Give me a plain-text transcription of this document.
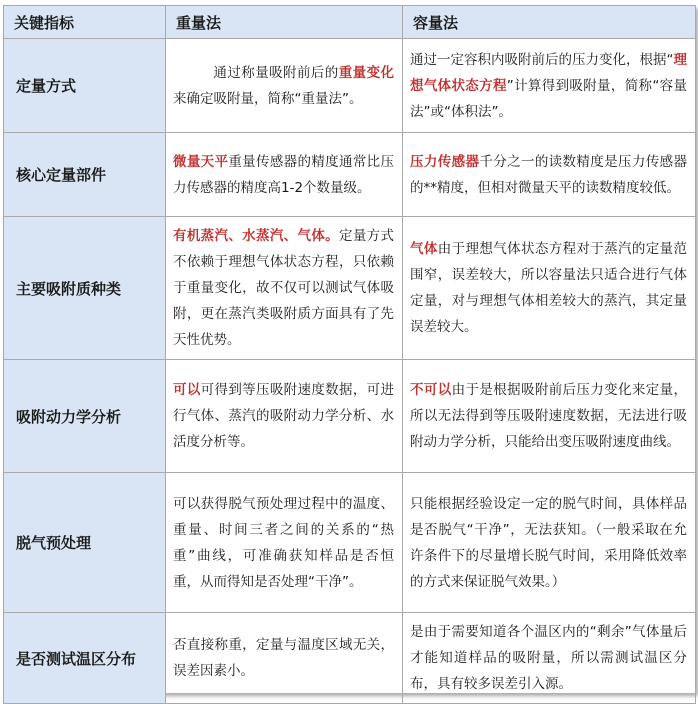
关键指标	重量法	容量法
定量方式	通过称量吸附前后的重量变化来确定吸附量，简称“重量法”。	通过一定容积内吸附前后的压力变化，根据“理想气体状态方程”计算得到吸附量，简称“容量法”或“体积法”。
核心定量部件	微量天平重量传感器的精度通常比压力传感器的精度高1-2个数量级。	压力传感器千分之一的读数精度是压力传感器的**精度，但相对微量天平的读数精度较低。
主要吸附质种类	有机蒸汽、水蒸汽、气体。定量方式不依赖于理想气体状态方程，只依赖于重量变化，故不仅可以测试气体吸附，更在蒸汽类吸附质方面具有了先天性优势。	气体由于理想气体状态方程对于蒸汽的定量范围窄，误差较大，所以容量法只适合进行气体定量，对与理想气体相差较大的蒸汽，其定量误差较大。
吸附动力学分析	可以可得到等压吸附速度数据，可进行气体、蒸汽的吸附动力学分析、水活度分析等。	不可以由于是根据吸附前后压力变化来定量，所以无法得到等压吸附速度数据，无法进行吸附动力学分析，只能给出变压吸附速度曲线。
脱气预处理	可以获得脱气预处理过程中的温度、重量、时间三者之间的关系的“热重”曲线，可准确获知样品是否恒重，从而得知是否处理“干净”。	只能根据经验设定一定的脱气时间，具体样品是否脱气“干净”，无法获知。（一般采取在允许条件下的尽量增长脱气时间，采用降低效率的方式来保证脱气效果。）
是否测试温区分布	否直接称重，定量与温度区域无关，误差因素小。	是由于需要知道各个温区内的“剩余”气体量后才能知道样品的吸附量，所以需测试温区分布，具有较多误差引入源。
